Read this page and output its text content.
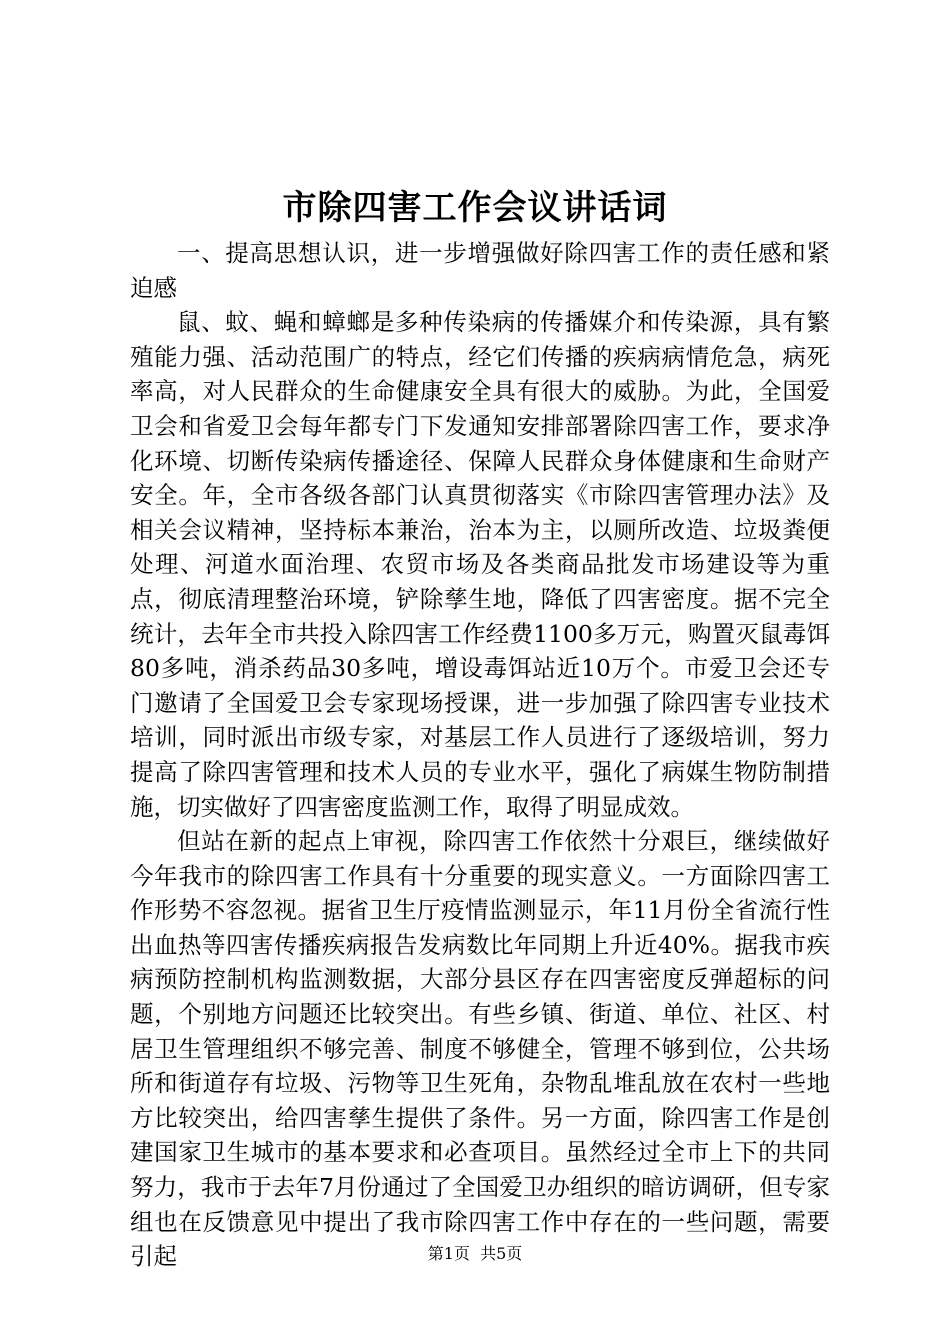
市除四害工作会议讲话词

一、提高思想认识，进一步增强做好除四害工作的责任感和紧迫感

鼠、蚊、蝇和蟑螂是多种传染病的传播媒介和传染源，具有繁殖能力强、活动范围广的特点，经它们传播的疾病病情危急，病死率高，对人民群众的生命健康安全具有很大的威胁。为此，全国爱卫会和省爱卫会每年都专门下发通知安排部署除四害工作，要求净化环境、切断传染病传播途径、保障人民群众身体健康和生命财产安全。年，全市各级各部门认真贯彻落实《市除四害管理办法》及相关会议精神，坚持标本兼治，治本为主，以厕所改造、垃圾粪便处理、河道水面治理、农贸市场及各类商品批发市场建设等为重点，彻底清理整治环境，铲除孳生地，降低了四害密度。据不完全统计，去年全市共投入除四害工作经费1100多万元，购置灭鼠毒饵80多吨，消杀药品30多吨，增设毒饵站近10万个。市爱卫会还专门邀请了全国爱卫会专家现场授课，进一步加强了除四害专业技术培训，同时派出市级专家，对基层工作人员进行了逐级培训，努力提高了除四害管理和技术人员的专业水平，强化了病媒生物防制措施，切实做好了四害密度监测工作，取得了明显成效。

但站在新的起点上审视，除四害工作依然十分艰巨，继续做好今年我市的除四害工作具有十分重要的现实意义。一方面除四害工作形势不容忽视。据省卫生厅疫情监测显示，年11月份全省流行性出血热等四害传播疾病报告发病数比年同期上升近40%。据我市疾病预防控制机构监测数据，大部分县区存在四害密度反弹超标的问题，个别地方问题还比较突出。有些乡镇、街道、单位、社区、村居卫生管理组织不够完善、制度不够健全，管理不够到位，公共场所和街道存有垃圾、污物等卫生死角，杂物乱堆乱放在农村一些地方比较突出，给四害孳生提供了条件。另一方面，除四害工作是创建国家卫生城市的基本要求和必查项目。虽然经过全市上下的共同努力，我市于去年7月份通过了全国爱卫办组织的暗访调研，但专家组也在反馈意见中提出了我市除四害工作中存在的一些问题，需要引起	第1页 共5页
